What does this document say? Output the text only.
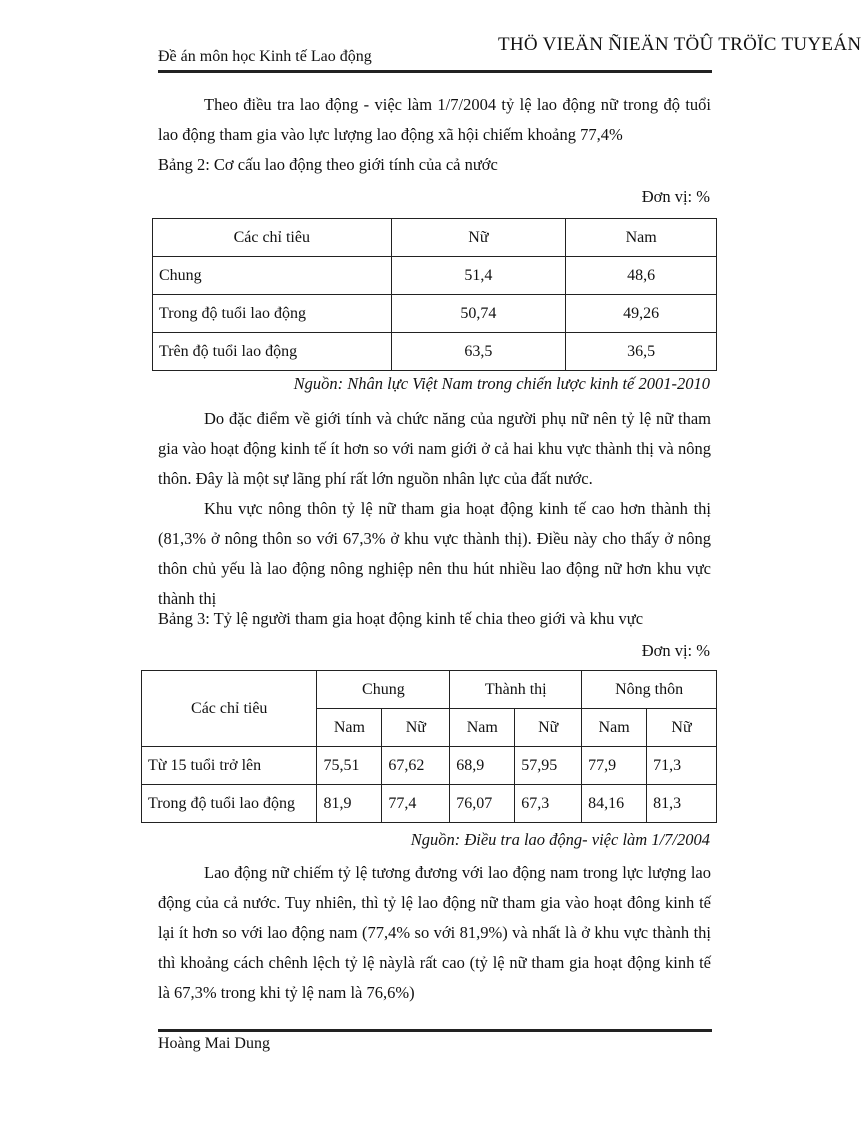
Đề án môn học Kinh tế Lao động
THÖ VIEÄN ÑIEÄN TÖÛ TRÖÏC TUYEÁN

Theo điều tra lao động - việc làm 1/7/2004 tỷ lệ lao động nữ trong độ tuổi lao động tham gia vào lực lượng lao động xã hội chiếm khoảng 77,4%

Bảng 2: Cơ cấu lao động theo giới tính của cả nước
Đơn vị: %
Các chỉ tiêu	Nữ	Nam
Chung	51,4	48,6
Trong độ tuổi lao động	50,74	49,26
Trên độ tuổi lao động	63,5	36,5
Nguồn: Nhân lực Việt Nam trong chiến lược kinh tế 2001-2010

Do đặc điểm về giới tính và chức năng của người phụ nữ nên tỷ lệ nữ tham gia vào hoạt động kinh tế ít hơn so với nam giới ở cả hai khu vực thành thị và nông thôn. Đây là một sự lãng phí rất lớn nguồn nhân lực của đất nước.

Khu vực nông thôn tỷ lệ nữ tham gia hoạt động kinh tế cao hơn thành thị (81,3% ở nông thôn so với 67,3% ở khu vực thành thị). Điều này cho thấy ở nông thôn chủ yếu là lao động nông nghiệp nên thu hút nhiều lao động nữ hơn khu vực thành thị

Bảng 3: Tỷ lệ người tham gia hoạt động kinh tế chia theo giới và khu vực
Đơn vị: %
Các chỉ tiêu	Chung		Thành thị		Nông thôn	
	Nam	Nữ	Nam	Nữ	Nam	Nữ
Từ 15 tuổi trở lên	75,51	67,62	68,9	57,95	77,9	71,3
Trong độ tuổi lao động	81,9	77,4	76,07	67,3	84,16	81,3
Nguồn: Điều tra lao động- việc làm 1/7/2004

Lao động nữ chiếm tỷ lệ tương đương với lao động nam trong lực lượng lao động của cả nước. Tuy nhiên, thì tỷ lệ lao động nữ tham gia vào hoạt đông kinh tế lại ít hơn so với lao động nam (77,4% so với 81,9%) và nhất là ở khu vực thành thị thì khoảng cách chênh lệch tỷ lệ nàylà rất cao (tỷ lệ nữ tham gia hoạt động kinh tế là 67,3% trong khi tỷ lệ nam là 76,6%)

Hoàng Mai Dung
